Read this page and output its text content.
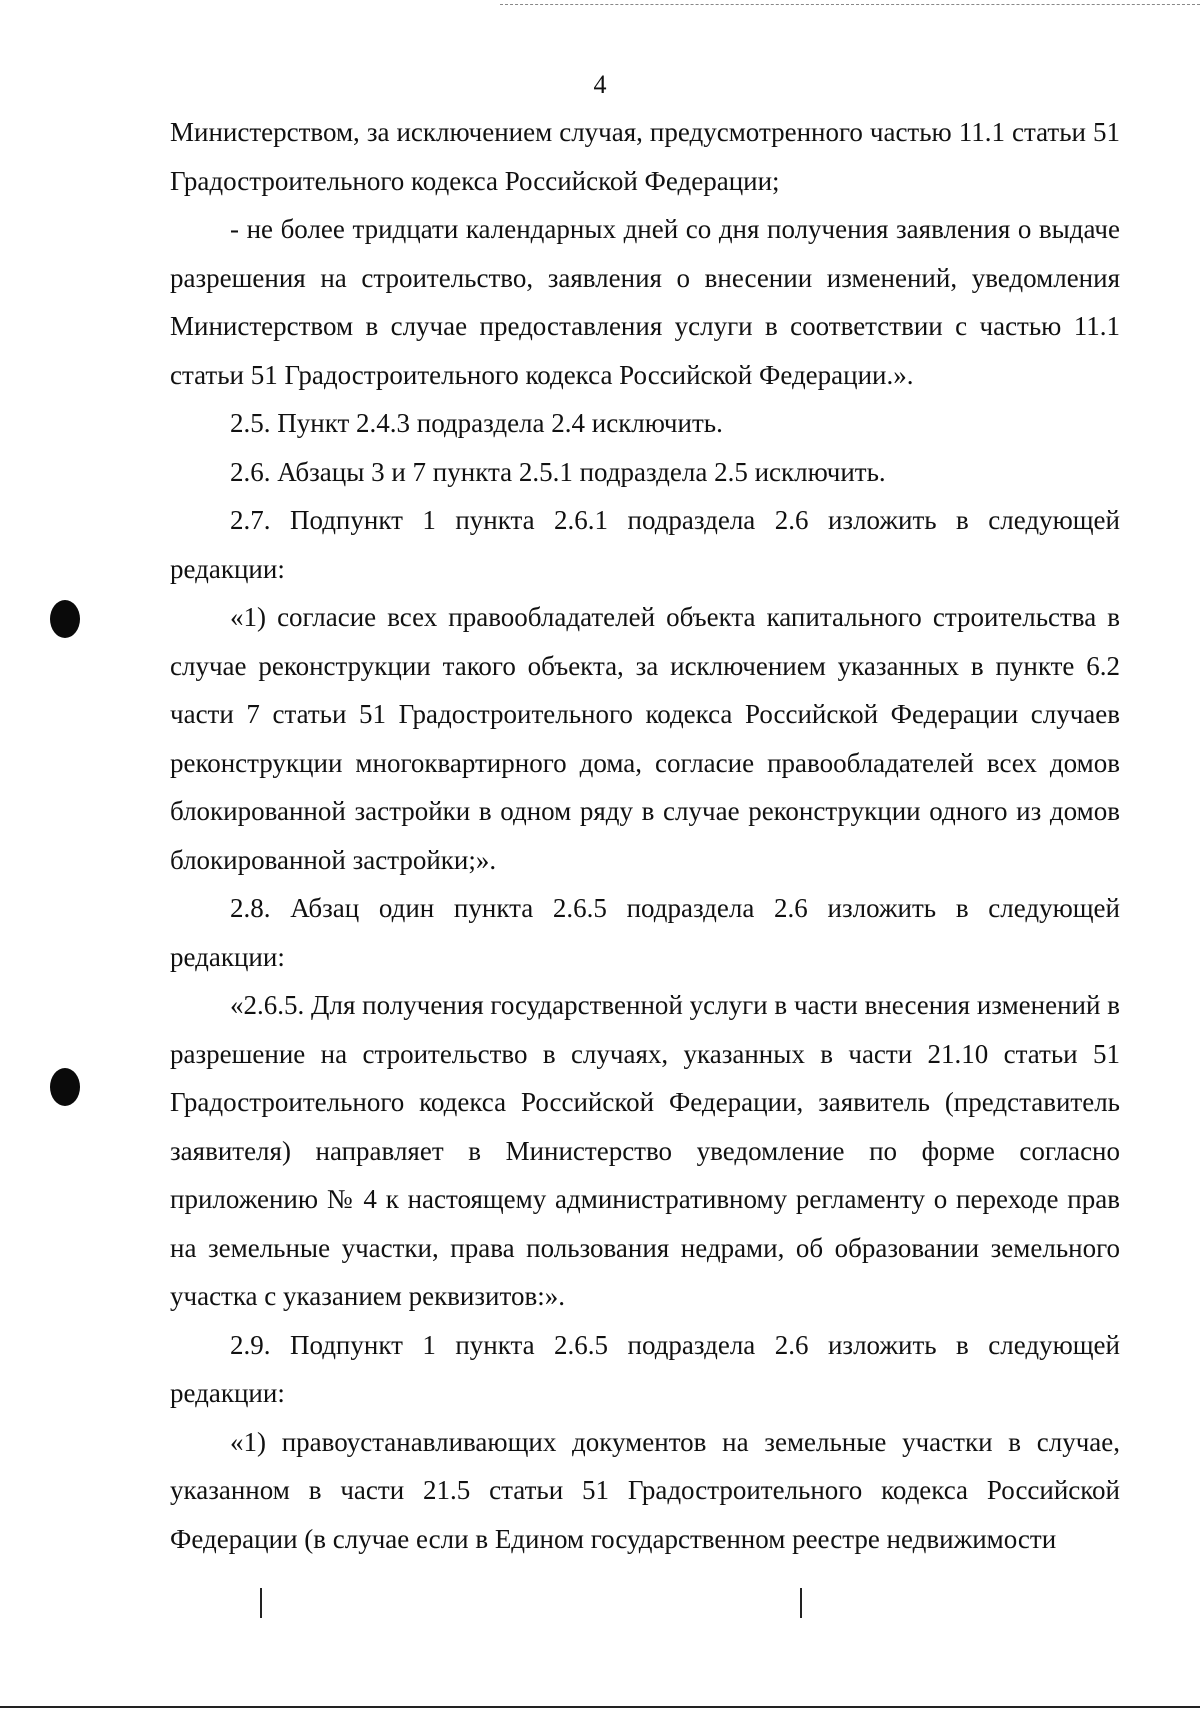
4

Министерством, за исключением случая, предусмотренного частью 11.1 статьи 51 Градостроительного кодекса Российской Федерации;

- не более тридцати календарных дней со дня получения заявления о выдаче разрешения на строительство, заявления о внесении изменений, уведомления Министерством в случае предоставления услуги в соответствии с частью 11.1 статьи 51 Градостроительного кодекса Российской Федерации.».

2.5. Пункт 2.4.3 подраздела 2.4 исключить.

2.6. Абзацы 3 и 7 пункта 2.5.1 подраздела 2.5 исключить.

2.7. Подпункт 1 пункта 2.6.1 подраздела 2.6 изложить в следующей редакции:

«1) согласие всех правообладателей объекта капитального строительства в случае реконструкции такого объекта, за исключением указанных в пункте 6.2 части 7 статьи 51 Градостроительного кодекса Российской Федерации случаев реконструкции многоквартирного дома, согласие правообладателей всех домов блокированной застройки в одном ряду в случае реконструкции одного из домов блокированной застройки;».

2.8. Абзац один пункта 2.6.5 подраздела 2.6 изложить в следующей редакции:

«2.6.5. Для получения государственной услуги в части внесения изменений в разрешение на строительство в случаях, указанных в части 21.10 статьи 51 Градостроительного кодекса Российской Федерации, заявитель (представитель заявителя) направляет в Министерство уведомление по форме согласно приложению № 4 к настоящему административному регламенту о переходе прав на земельные участки, права пользования недрами, об образовании земельного участка с указанием реквизитов:».

2.9. Подпункт 1 пункта 2.6.5 подраздела 2.6 изложить в следующей редакции:

«1) правоустанавливающих документов на земельные участки в случае, указанном в части 21.5 статьи 51 Градостроительного кодекса Российской Федерации (в случае если в Едином государственном реестре недвижимости
